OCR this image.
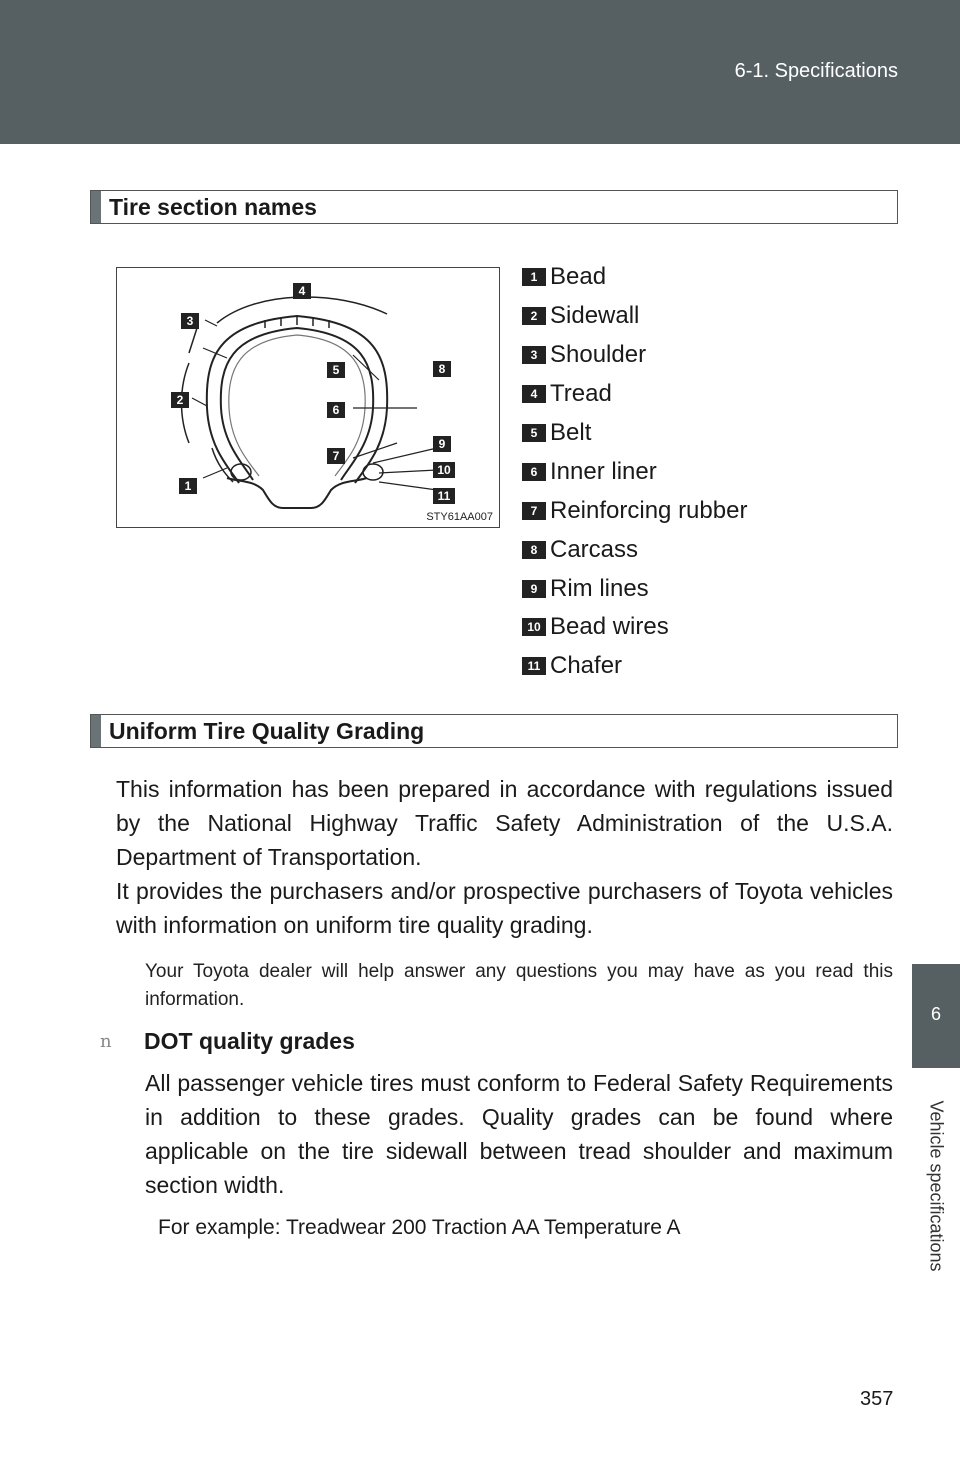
6-1. Specifications
6
Vehicle specifications
Tire section names
1
2
3
4
5
6
7
8
9
10
11
STY61AA007
1 Bead
2 Sidewall
3 Shoulder
4 Tread
5 Belt
6 Inner liner
7 Reinforcing rubber
8 Carcass
9 Rim lines
10 Bead wires
11 Chafer
Uniform Tire Quality Grading
This information has been prepared in accordance with regulations issued by the National Highway Traffic Safety Administration of the U.S.A. Department of Transportation.
It provides the purchasers and/or prospective purchasers of Toyota vehicles with information on uniform tire quality grading.
Your Toyota dealer will help answer any questions you may have as you read this information.
n	DOT quality grades
All passenger vehicle tires must conform to Federal Safety Requirements in addition to these grades. Quality grades can be found where applicable on the tire sidewall between tread shoulder and maximum section width.
For example: Treadwear 200 Traction AA Temperature A
357
